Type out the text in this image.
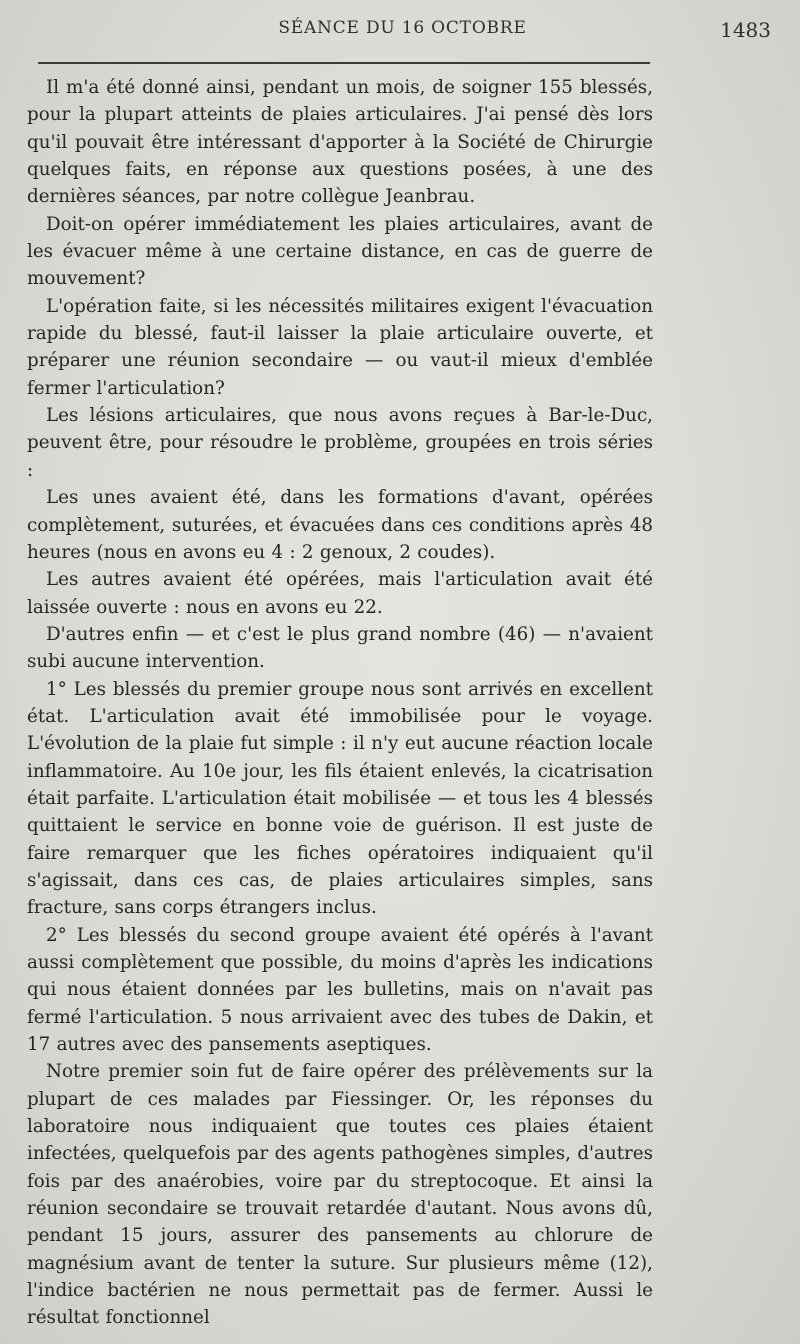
SÉANCE DU 16 OCTOBRE	1483

Il m'a été donné ainsi, pendant un mois, de soigner 155 blessés, pour la plupart atteints de plaies articulaires. J'ai pensé dès lors qu'il pouvait être intéressant d'apporter à la Société de Chirurgie quelques faits, en réponse aux questions posées, à une des dernières séances, par notre collègue Jeanbrau.

Doit-on opérer immédiatement les plaies articulaires, avant de les évacuer même à une certaine distance, en cas de guerre de mouvement?

L'opération faite, si les nécessités militaires exigent l'évacuation rapide du blessé, faut-il laisser la plaie articulaire ouverte, et préparer une réunion secondaire — ou vaut-il mieux d'emblée fermer l'articulation?

Les lésions articulaires, que nous avons reçues à Bar-le-Duc, peuvent être, pour résoudre le problème, groupées en trois séries :

Les unes avaient été, dans les formations d'avant, opérées complètement, suturées, et évacuées dans ces conditions après 48 heures (nous en avons eu 4 : 2 genoux, 2 coudes).

Les autres avaient été opérées, mais l'articulation avait été laissée ouverte : nous en avons eu 22.

D'autres enfin — et c'est le plus grand nombre (46) — n'avaient subi aucune intervention.

1° Les blessés du premier groupe nous sont arrivés en excellent état. L'articulation avait été immobilisée pour le voyage. L'évolution de la plaie fut simple : il n'y eut aucune réaction locale inflammatoire. Au 10e jour, les fils étaient enlevés, la cicatrisation était parfaite. L'articulation était mobilisée — et tous les 4 blessés quittaient le service en bonne voie de guérison. Il est juste de faire remarquer que les fiches opératoires indiquaient qu'il s'agissait, dans ces cas, de plaies articulaires simples, sans fracture, sans corps étrangers inclus.

2° Les blessés du second groupe avaient été opérés à l'avant aussi complètement que possible, du moins d'après les indications qui nous étaient données par les bulletins, mais on n'avait pas fermé l'articulation. 5 nous arrivaient avec des tubes de Dakin, et 17 autres avec des pansements aseptiques.

Notre premier soin fut de faire opérer des prélèvements sur la plupart de ces malades par Fiessinger. Or, les réponses du laboratoire nous indiquaient que toutes ces plaies étaient infectées, quelquefois par des agents pathogènes simples, d'autres fois par des anaérobies, voire par du streptocoque. Et ainsi la réunion secondaire se trouvait retardée d'autant. Nous avons dû, pendant 15 jours, assurer des pansements au chlorure de magnésium avant de tenter la suture. Sur plusieurs même (12), l'indice bactérien ne nous permettait pas de fermer. Aussi le résultat fonctionnel
